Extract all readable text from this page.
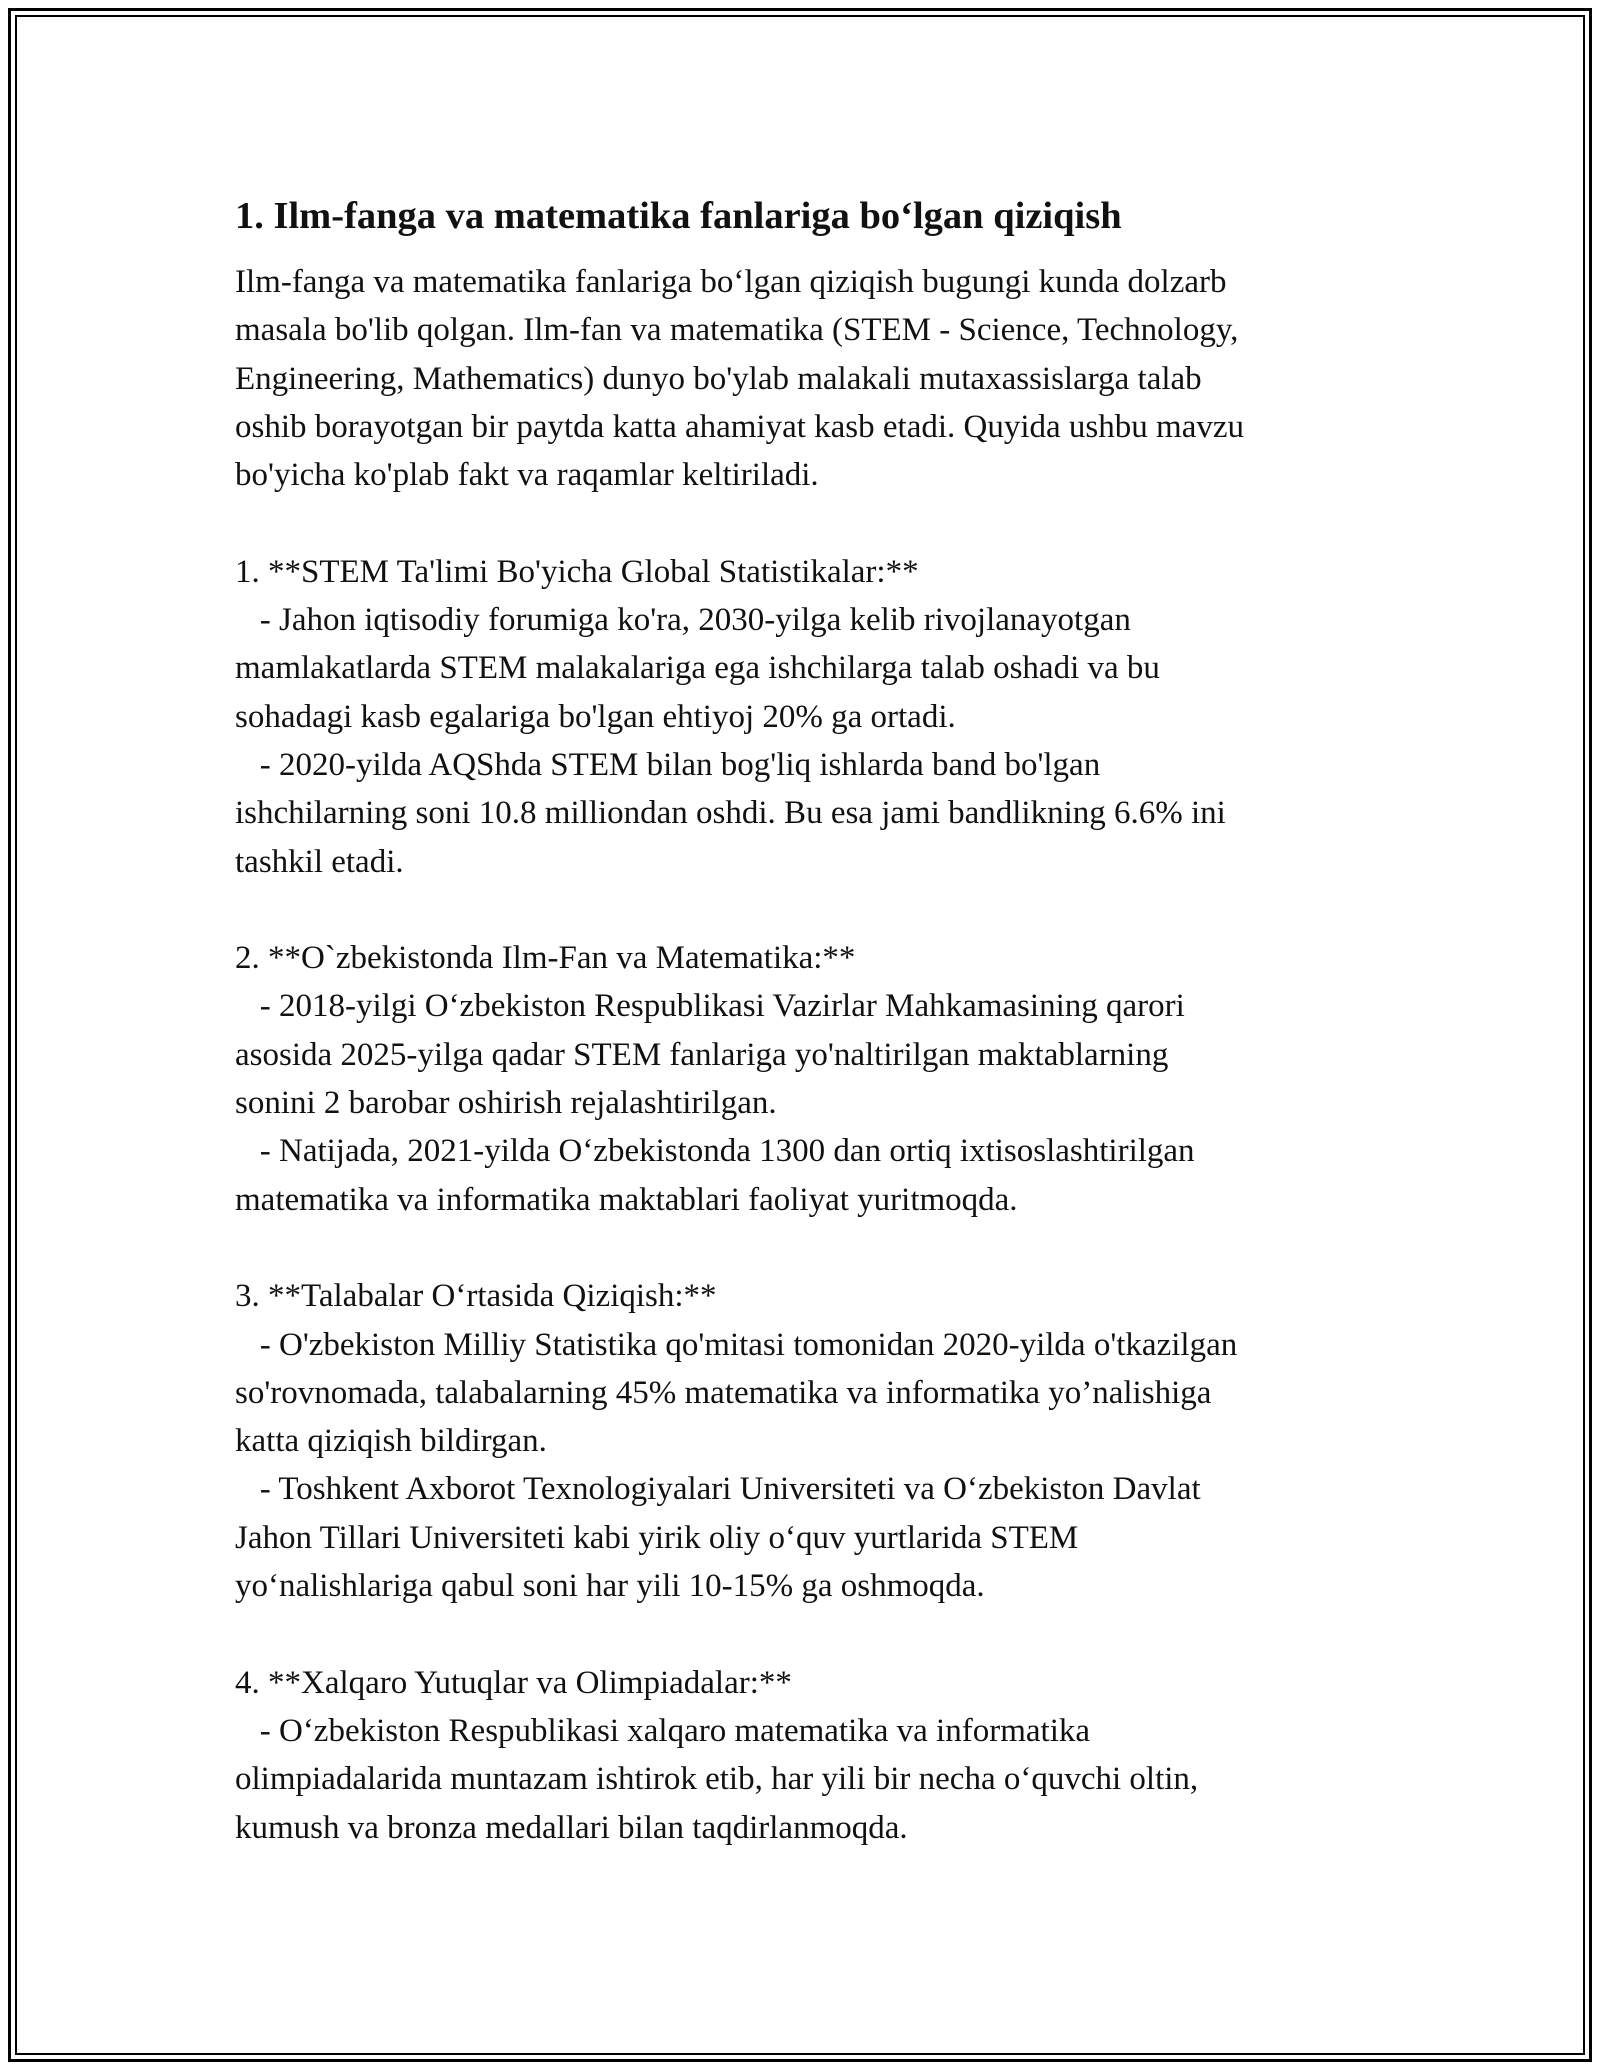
1. Ilm-fanga va matematika fanlariga bo‘lgan qiziqish
Ilm-fanga va matematika fanlariga bo‘lgan qiziqish bugungi kunda dolzarb
masala bo'lib qolgan. Ilm-fan va matematika (STEM - Science, Technology,
Engineering, Mathematics) dunyo bo'ylab malakali mutaxassislarga talab
oshib borayotgan bir paytda katta ahamiyat kasb etadi. Quyida ushbu mavzu
bo'yicha ko'plab fakt va raqamlar keltiriladi.
1. **STEM Ta'limi Bo'yicha Global Statistikalar:**
- Jahon iqtisodiy forumiga ko'ra, 2030-yilga kelib rivojlanayotgan
mamlakatlarda STEM malakalariga ega ishchilarga talab oshadi va bu
sohadagi kasb egalariga bo'lgan ehtiyoj 20% ga ortadi.
- 2020-yilda AQShda STEM bilan bog'liq ishlarda band bo'lgan
ishchilarning soni 10.8 milliondan oshdi. Bu esa jami bandlikning 6.6% ini
tashkil etadi.
2. **O`zbekistonda Ilm-Fan va Matematika:**
- 2018-yilgi O‘zbekiston Respublikasi Vazirlar Mahkamasining qarori
asosida 2025-yilga qadar STEM fanlariga yo'naltirilgan maktablarning
sonini 2 barobar oshirish rejalashtirilgan.
- Natijada, 2021-yilda O‘zbekistonda 1300 dan ortiq ixtisoslashtirilgan
matematika va informatika maktablari faoliyat yuritmoqda.
3. **Talabalar O‘rtasida Qiziqish:**
- O'zbekiston Milliy Statistika qo'mitasi tomonidan 2020-yilda o'tkazilgan
so'rovnomada, talabalarning 45% matematika va informatika yo’nalishiga
katta qiziqish bildirgan.
- Toshkent Axborot Texnologiyalari Universiteti va O‘zbekiston Davlat
Jahon Tillari Universiteti kabi yirik oliy o‘quv yurtlarida STEM
yo‘nalishlariga qabul soni har yili 10-15% ga oshmoqda.
4. **Xalqaro Yutuqlar va Olimpiadalar:**
- O‘zbekiston Respublikasi xalqaro matematika va informatika
olimpiadalarida muntazam ishtirok etib, har yili bir necha o‘quvchi oltin,
kumush va bronza medallari bilan taqdirlanmoqda.
